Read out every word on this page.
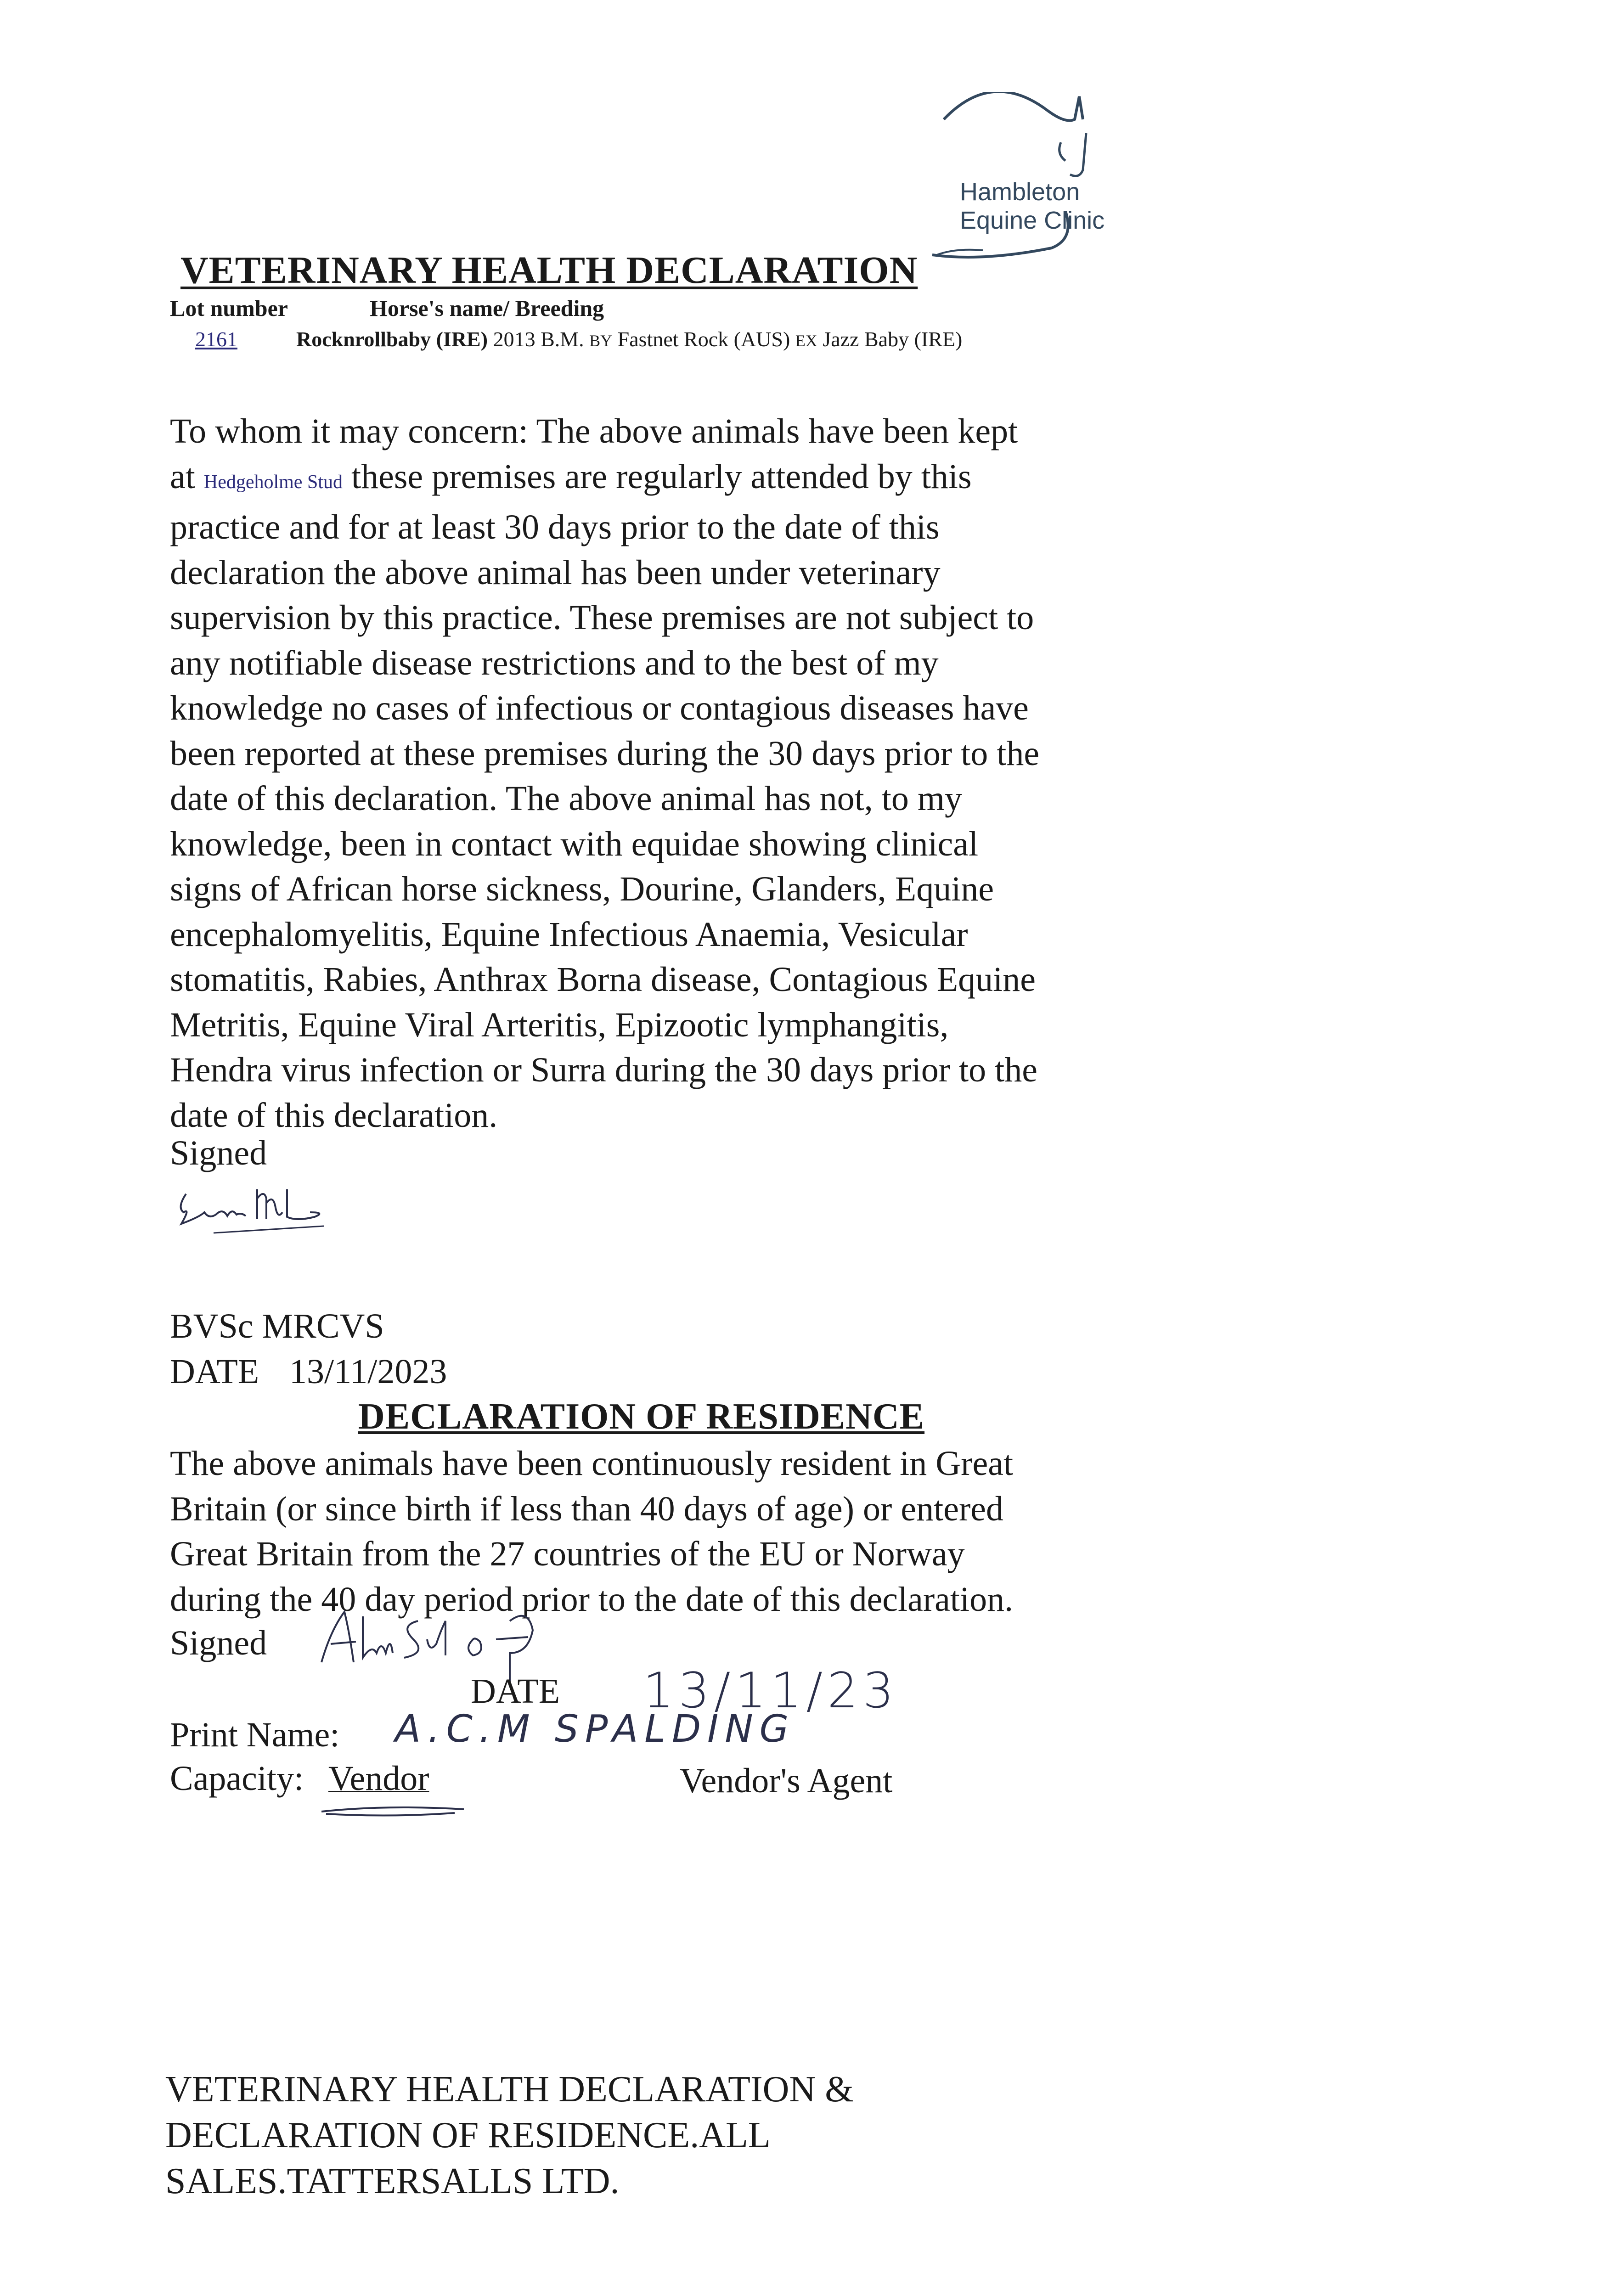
Hambleton
Equine Clinic
VETERINARY HEALTH DECLARATION
Lot number	Horse's name/ Breeding
2161	Rocknrollbaby (IRE) 2013 B.M. BY Fastnet Rock (AUS) EX Jazz Baby (IRE)
To whom it may concern: The above animals have been kept
at Hedgeholme Stud these premises are regularly attended by this
practice and for at least 30 days prior to the date of this
declaration the above animal has been under veterinary
supervision by this practice. These premises are not subject to
any notifiable disease restrictions and to the best of my
knowledge no cases of infectious or contagious diseases have
been reported at these premises during the 30 days prior to the
date of this declaration. The above animal has not, to my
knowledge, been in contact with equidae showing clinical
signs of African horse sickness, Dourine, Glanders, Equine
encephalomyelitis, Equine Infectious Anaemia, Vesicular
stomatitis, Rabies, Anthrax Borna disease, Contagious Equine
Metritis, Equine Viral Arteritis, Epizootic lymphangitis,
Hendra virus infection or Surra during the 30 days prior to the
date of this declaration.
Signed
BVSc MRCVS
DATE 13/11/2023
DECLARATION OF RESIDENCE
The above animals have been continuously resident in Great
Britain (or since birth if less than 40 days of age) or entered
Great Britain from the 27 countries of the EU or Norway
during the 40 day period prior to the date of this declaration.
Signed
DATE 13/11/23
Print Name: A.C.M SPALDING
Capacity: Vendor	Vendor's Agent
VETERINARY HEALTH DECLARATION &
DECLARATION OF RESIDENCE.ALL
SALES.TATTERSALLS LTD.
